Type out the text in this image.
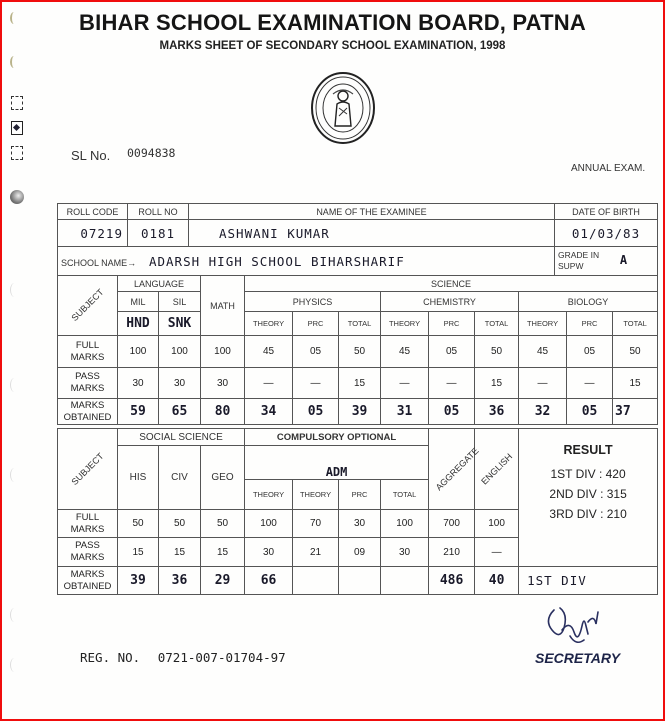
BIHAR SCHOOL EXAMINATION BOARD, PATNA
MARKS SHEET OF SECONDARY SCHOOL EXAMINATION, 1998
SL No. 0094838
ANNUAL EXAM.
ROLL CODE	ROLL NO	NAME OF THE EXAMINEE	DATE OF BIRTH
07219	0181	ASHWANI KUMAR	01/03/83
SCHOOL NAME→ ADARSH HIGH SCHOOL BIHARSHARIF			GRADE IN
SUPW A
SUBJECT	LANGUAGE		MATH	SCIENCE								
	MIL	SIL		PHYSICS			CHEMISTRY			BIOLOGY		
	HND	SNK		THEORY	PRC	TOTAL	THEORY	PRC	TOTAL	THEORY	PRC	TOTAL

FULL
MARKS	100	100	100	45	05	50	45	05	50	45	05	50

PASS
MARKS	30	30	30	—	—	15	—	—	15	—	—	15

MARKS
OBTAINED	59	65	80	34	05	39	31	05	36	32	05	37
SUBJECT	SOCIAL SCIENCE			COMPULSORY OPTIONAL				AGGREGATE	ENGLISH	RESULT
1ST DIV : 420
2ND DIV : 315
3RD DIV : 210

	HIS	CIV	GEO	ADM						
				THEORY	THEORY	PRC	TOTAL			

FULL
MARKS	50	50	50	100	70	30	100	700	100	

PASS
MARKS	15	15	15	30	21	09	30	210	—	

MARKS
OBTAINED	39	36	29	66				486	40	1ST DIV
REG. NO. 0721-007-01704-97	SECRETARY
